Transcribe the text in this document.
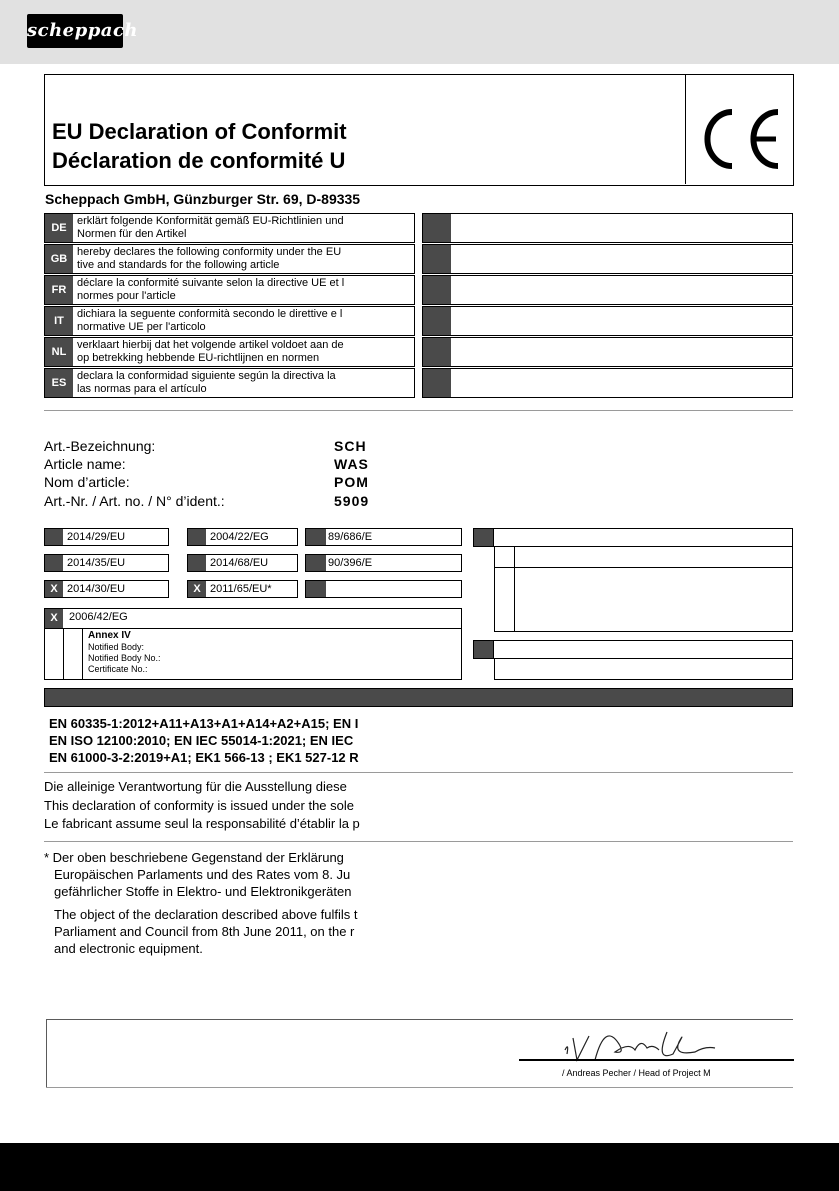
scheppach
EU Declaration of Conformit
Déclaration de conformité U
Scheppach GmbH, Günzburger Str. 69, D-89335
DE
erklärt folgende Konformität gemäß EU-Richtlinien und
Normen für den Artikel
GB
hereby declares the following conformity under the EU
tive and standards for the following article
FR
déclare la conformité suivante selon la directive UE et l
normes pour l'article
IT
dichiara la seguente conformità secondo le direttive e l
normative UE per l'articolo
NL
verklaart hierbij dat het volgende artikel voldoet aan de
op betrekking hebbende EU-richtlijnen en normen
ES
declara la conformidad siguiente según la directiva la
las normas para el artículo
Art.-Bezeichnung:
Article name:
Nom d’article:
Art.-Nr. / Art. no. / N° d’ident.:
SCH
WAS
POM
5909
2014/29/EU
2014/35/EU
X 2014/30/EU
2004/22/EG
2014/68/EU
X 2011/65/EU*
89/686/E
90/396/E
X	2006/42/EG
Annex IV
Notified Body:
Notified Body No.:
Certificate No.:
EN 60335-1:2012+A11+A13+A1+A14+A2+A15; EN I
EN ISO 12100:2010; EN IEC 55014-1:2021; EN IEC
EN 61000-3-2:2019+A1; EK1 566-13 ; EK1 527-12 R
Die alleinige Verantwortung für die Ausstellung diese
This declaration of conformity is issued under the sole
Le fabricant assume seul la responsabilité d’établir la p
* Der oben beschriebene Gegenstand der Erklärung
Europäischen Parlaments und des Rates vom 8. Ju
gefährlicher Stoffe in Elektro- und Elektronikgeräten
The object of the declaration described above fulfils t
Parliament and Council from 8th June 2011, on the r
and electronic equipment.
/ Andreas Pecher / Head of Project M
